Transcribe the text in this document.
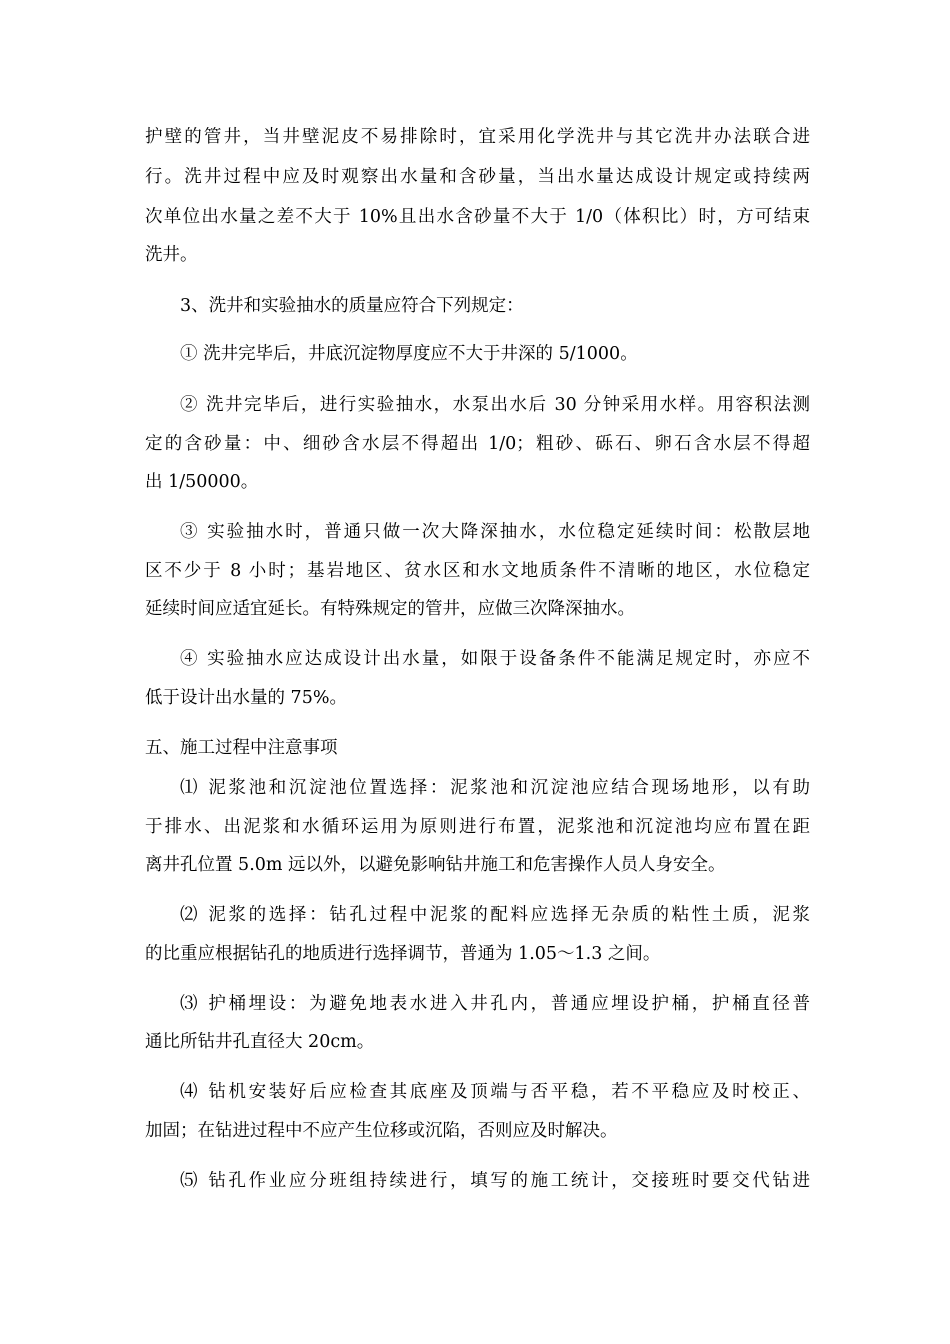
护壁的管井，当井壁泥皮不易排除时，宜采用化学洗井与其它洗井办法联合进
行。洗井过程中应及时观察出水量和含砂量，当出水量达成设计规定或持续两
次单位出水量之差不大于 10%且出水含砂量不大于 1/0（体积比）时，方可结束
洗井。
3、洗井和实验抽水的质量应符合下列规定：
① 洗井完毕后，井底沉淀物厚度应不大于井深的 5/1000。
② 洗井完毕后，进行实验抽水，水泵出水后 30 分钟采用水样。用容积法测
定的含砂量：中、细砂含水层不得超出 1/0；粗砂、砾石、卵石含水层不得超
出 1/50000。
③ 实验抽水时，普通只做一次大降深抽水，水位稳定延续时间：松散层地
区不少于 8 小时；基岩地区、贫水区和水文地质条件不清晰的地区，水位稳定
延续时间应适宜延长。有特殊规定的管井，应做三次降深抽水。
④ 实验抽水应达成设计出水量，如限于设备条件不能满足规定时，亦应不
低于设计出水量的 75%。
五、施工过程中注意事项
⑴ 泥浆池和沉淀池位置选择：泥浆池和沉淀池应结合现场地形，以有助
于排水、出泥浆和水循环运用为原则进行布置，泥浆池和沉淀池均应布置在距
离井孔位置 5.0m 远以外，以避免影响钻井施工和危害操作人员人身安全。
⑵ 泥浆的选择：钻孔过程中泥浆的配料应选择无杂质的粘性土质，泥浆
的比重应根据钻孔的地质进行选择调节，普通为 1.05～1.3 之间。
⑶ 护桶埋设：为避免地表水进入井孔内，普通应埋设护桶，护桶直径普
通比所钻井孔直径大 20cm。
⑷ 钻机安装好后应检查其底座及顶端与否平稳，若不平稳应及时校正、
加固；在钻进过程中不应产生位移或沉陷，否则应及时解决。
⑸ 钻孔作业应分班组持续进行，填写的施工统计，交接班时要交代钻进
